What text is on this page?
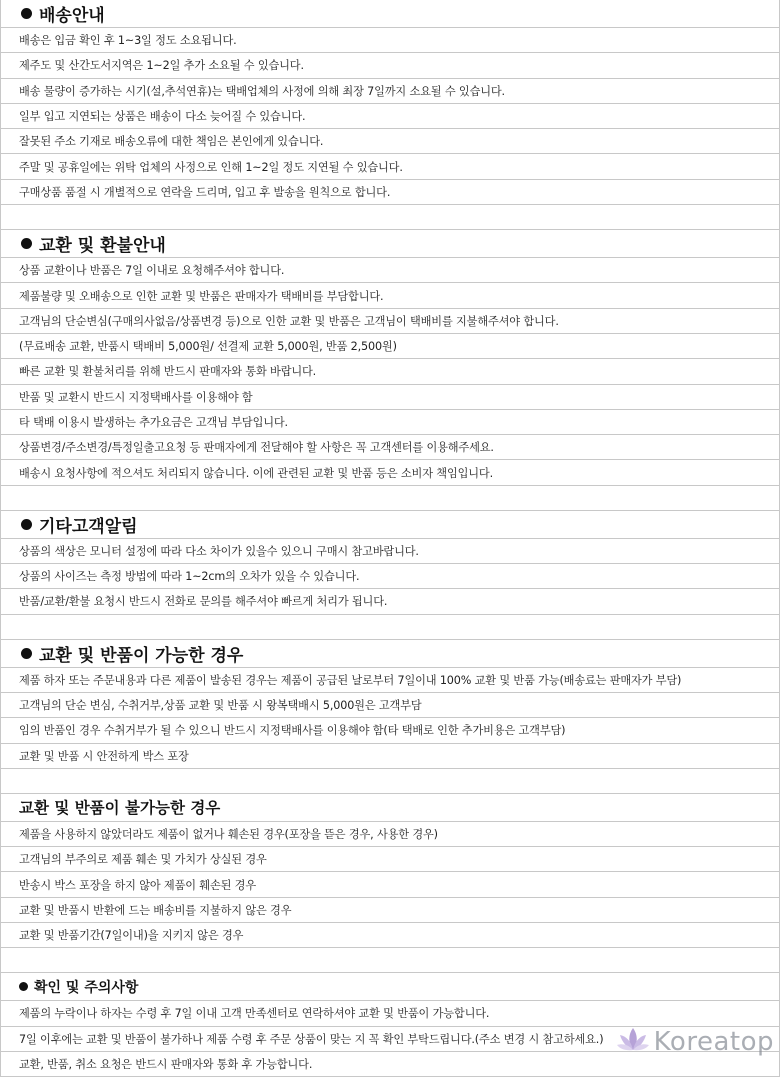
배송안내
배송은 입금 확인 후 1~3일 정도 소요됩니다.
제주도 및 산간도서지역은 1~2일 추가 소요될 수 있습니다.
배송 물량이 증가하는 시기(설,추석연휴)는 택배업체의 사정에 의해 최장 7일까지 소요될 수 있습니다.
일부 입고 지연되는 상품은 배송이 다소 늦어질 수 있습니다.
잘못된 주소 기재로 배송오류에 대한 책임은 본인에게 있습니다.
주말 및 공휴일에는 위탁 업체의 사정으로 인해 1~2일 정도 지연될 수 있습니다.
구매상품 품절 시 개별적으로 연락을 드리며, 입고 후 발송을 원칙으로 합니다.
교환 및 환불안내
상품 교환이나 반품은 7일 이내로 요청해주셔야 합니다.
제품불량 및 오배송으로 인한 교환 및 반품은 판매자가 택배비를 부담합니다.
고객님의 단순변심(구매의사없음/상품변경 등)으로 인한 교환 및 반품은 고객님이 택배비를 지불해주셔야 합니다.
(무료배송 교환, 반품시 택배비 5,000원/ 선결제 교환 5,000원, 반품 2,500원)
빠른 교환 및 환불처리를 위해 반드시 판매자와 통화 바랍니다.
반품 및 교환시 반드시 지정택배사를 이용해야 함
타 택배 이용시 발생하는 추가요금은 고객님 부담입니다.
상품변경/주소변경/특정일출고요청 등 판매자에게 전달해야 할 사항은 꼭 고객센터를 이용해주세요.
배송시 요청사항에 적으셔도 처리되지 않습니다. 이에 관련된 교환 및 반품 등은 소비자 책임입니다.
기타고객알림
상품의 색상은 모니터 설정에 따라 다소 차이가 있을수 있으니 구매시 참고바랍니다.
상품의 사이즈는 측정 방법에 따라 1~2cm의 오차가 있을 수 있습니다.
반품/교환/환불 요청시 반드시 전화로 문의를 해주셔야 빠르게 처리가 됩니다.
교환 및 반품이 가능한 경우
제품 하자 또는 주문내용과 다른 제품이 발송된 경우는 제품이 공급된 날로부터 7일이내 100% 교환 및 반품 가능(배송료는 판매자가 부담)
고객님의 단순 변심, 수취거부,상품 교환 및 반품 시 왕복택배시 5,000원은 고객부담
임의 반품인 경우 수취거부가 될 수 있으니 반드시 지정택배사를 이용해야 함(타 택배로 인한 추가비용은 고객부담)
교환 및 반품 시 안전하게 박스 포장
교환 및 반품이 불가능한 경우
제품을 사용하지 않았더라도 제품이 없거나 훼손된 경우(포장을 뜯은 경우, 사용한 경우)
고객님의 부주의로 제품 훼손 및 가치가 상실된 경우
반송시 박스 포장을 하지 않아 제품이 훼손된 경우
교환 및 반품시 반환에 드는 배송비를 지불하지 않은 경우
교환 및 반품기간(7일이내)을 지키지 않은 경우
확인 및 주의사항
제품의 누락이나 하자는 수령 후 7일 이내 고객 만족센터로 연락하셔야 교환 및 반품이 가능합니다.
7일 이후에는 교환 및 반품이 불가하나 제품 수령 후 주문 상품이 맞는 지 꼭 확인 부탁드립니다.(주소 변경 시 참고하세요.)
교환, 반품, 취소 요청은 반드시 판매자와 통화 후 가능합니다.
Koreatop
